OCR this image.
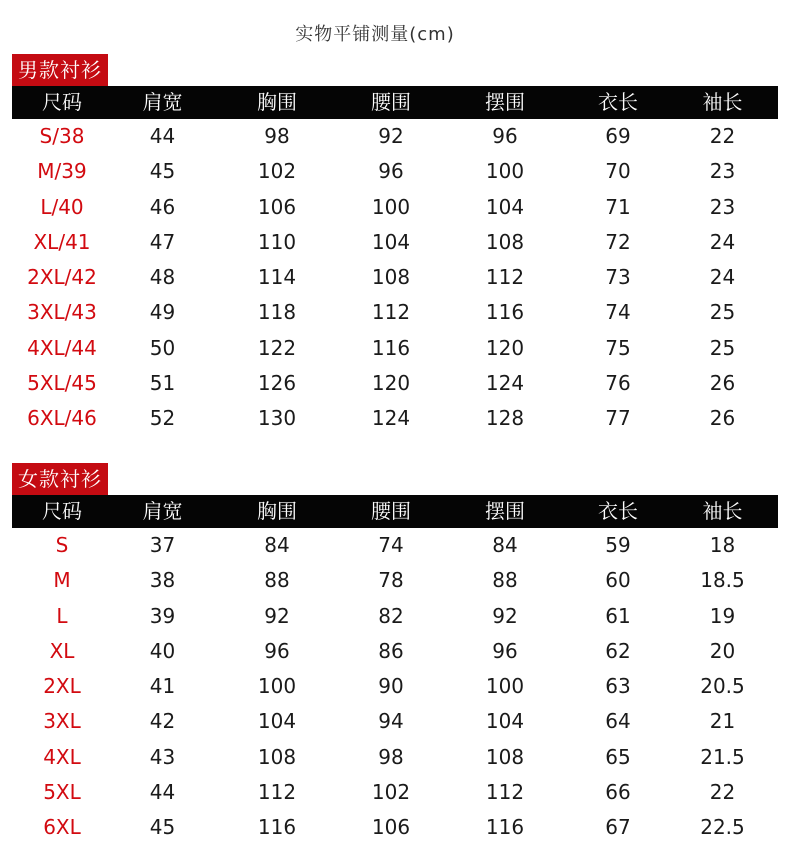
实物平铺测量(cm)
男款衬衫
尺码	肩宽	胸围	腰围	摆围	衣长	袖长
S/38	44	98	92	96	69	22
M/39	45	102	96	100	70	23
L/40	46	106	100	104	71	23
XL/41	47	110	104	108	72	24
2XL/42	48	114	108	112	73	24
3XL/43	49	118	112	116	74	25
4XL/44	50	122	116	120	75	25
5XL/45	51	126	120	124	76	26
6XL/46	52	130	124	128	77	26
女款衬衫
尺码	肩宽	胸围	腰围	摆围	衣长	袖长
S	37	84	74	84	59	18
M	38	88	78	88	60	18.5
L	39	92	82	92	61	19
XL	40	96	86	96	62	20
2XL	41	100	90	100	63	20.5
3XL	42	104	94	104	64	21
4XL	43	108	98	108	65	21.5
5XL	44	112	102	112	66	22
6XL	45	116	106	116	67	22.5
